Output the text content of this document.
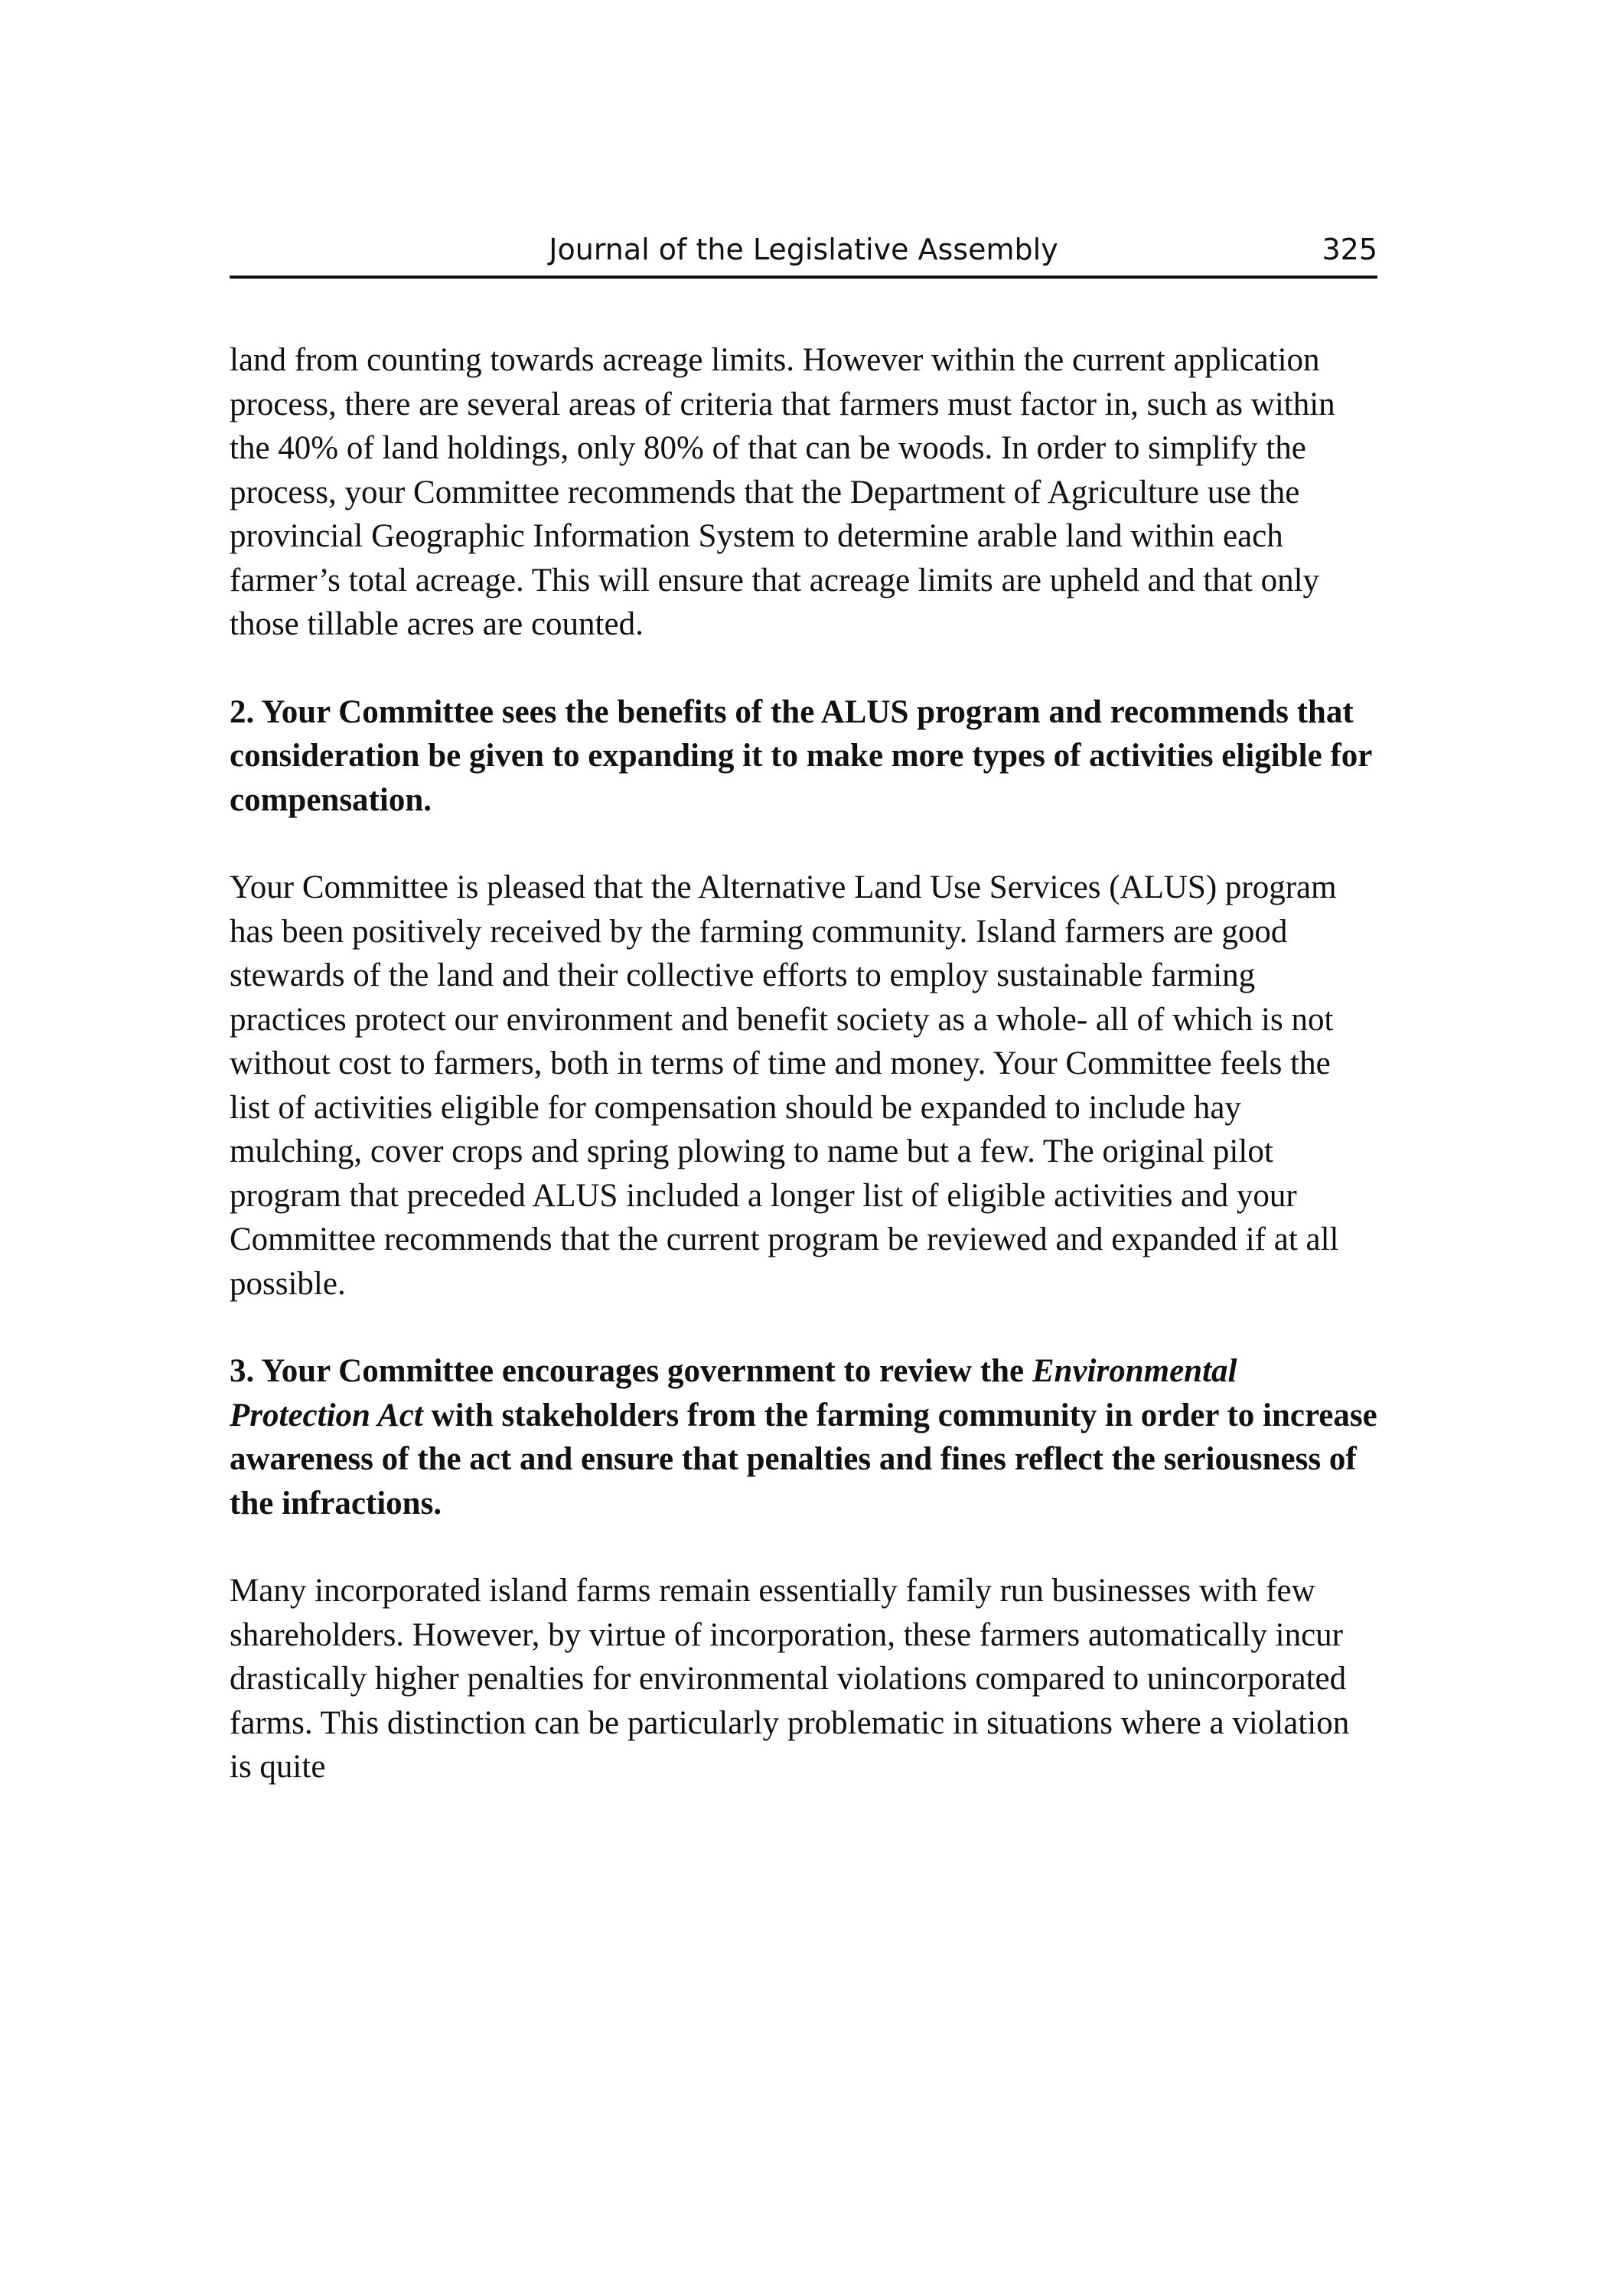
Journal of the Legislative Assembly	325

land from counting towards acreage limits. However within the current application process, there are several areas of criteria that farmers must factor in, such as within the 40% of land holdings, only 80% of that can be woods. In order to simplify the process, your Committee recommends that the Department of Agriculture use the provincial Geographic Information System to determine arable land within each farmer’s total acreage. This will ensure that acreage limits are upheld and that only those tillable acres are counted.

2. Your Committee sees the benefits of the ALUS program and recommends that consideration be given to expanding it to make more types of activities eligible for compensation.

Your Committee is pleased that the Alternative Land Use Services (ALUS) program has been positively received by the farming community. Island farmers are good stewards of the land and their collective efforts to employ sustainable farming practices protect our environment and benefit society as a whole- all of which is not without cost to farmers, both in terms of time and money. Your Committee feels the list of activities eligible for compensation should be expanded to include hay mulching, cover crops and spring plowing to name but a few. The original pilot program that preceded ALUS included a longer list of eligible activities and your Committee recommends that the current program be reviewed and expanded if at all possible.

3. Your Committee encourages government to review the Environmental Protection Act with stakeholders from the farming community in order to increase awareness of the act and ensure that penalties and fines reflect the seriousness of the infractions.

Many incorporated island farms remain essentially family run businesses with few shareholders. However, by virtue of incorporation, these farmers automatically incur drastically higher penalties for environmental violations compared to unincorporated farms. This distinction can be particularly problematic in situations where a violation is quite
